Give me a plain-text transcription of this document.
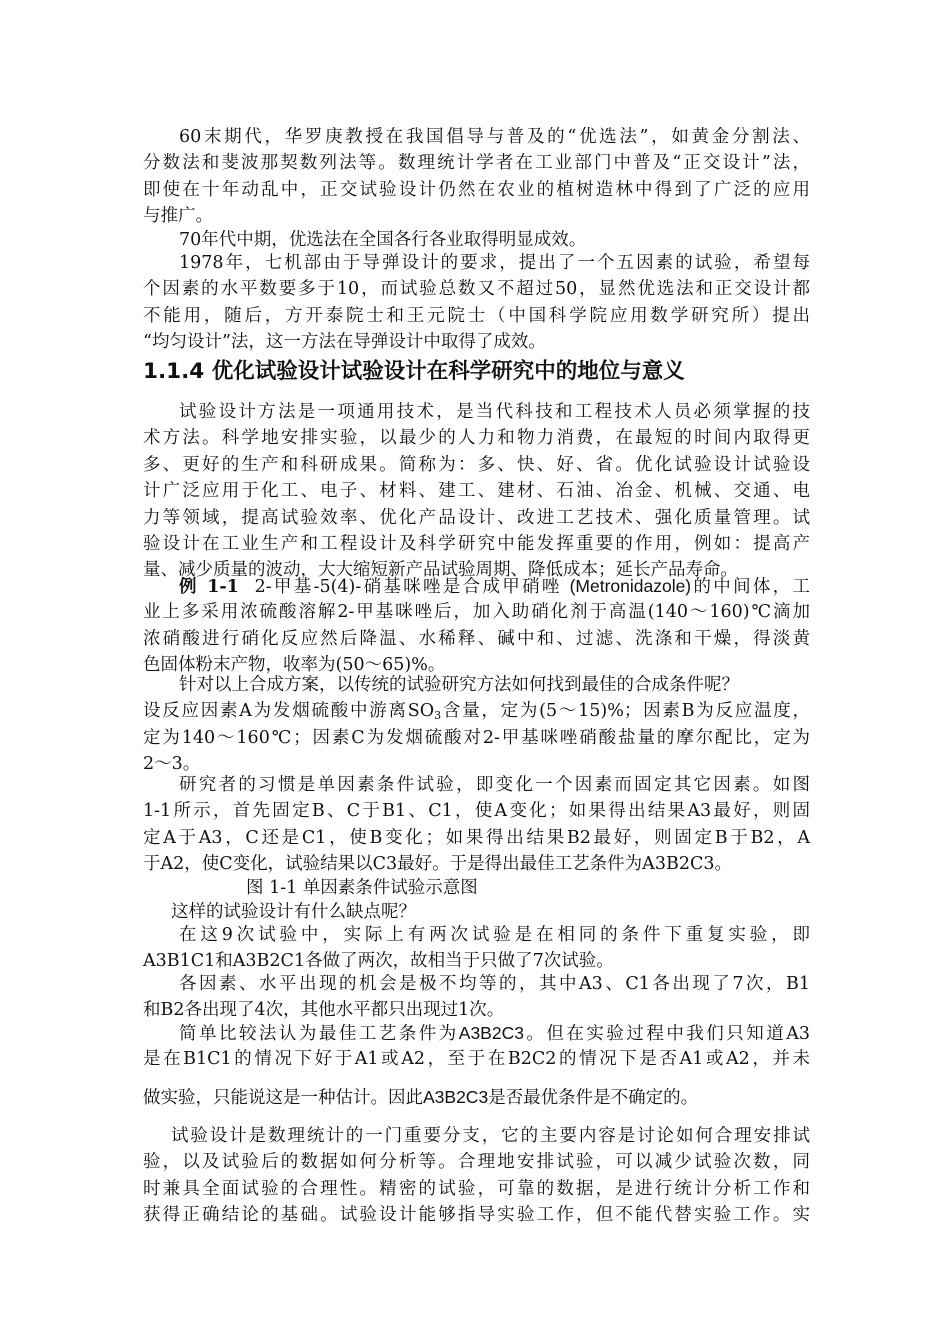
60末期代，华罗庚教授在我国倡导与普及的“优选法”，如黄金分割法、
分数法和斐波那契数列法等。数理统计学者在工业部门中普及“正交设计”法，
即使在十年动乱中，正交试验设计仍然在农业的植树造林中得到了广泛的应用
与推广。
70年代中期，优选法在全国各行各业取得明显成效。
1978年，七机部由于导弹设计的要求，提出了一个五因素的试验，希望每
个因素的水平数要多于10，而试验总数又不超过50，显然优选法和正交设计都
不能用，随后，方开泰院士和王元院士（中国科学院应用数学研究所）提出
“均匀设计”法，这一方法在导弹设计中取得了成效。
1.1.4 优化试验设计试验设计在科学研究中的地位与意义
试验设计方法是一项通用技术，是当代科技和工程技术人员必须掌握的技
术方法。科学地安排实验，以最少的人力和物力消费，在最短的时间内取得更
多、更好的生产和科研成果。简称为：多、快、好、省。优化试验设计试验设
计广泛应用于化工、电子、材料、建工、建材、石油、冶金、机械、交通、电
力等领域，提高试验效率、优化产品设计、改进工艺技术、强化质量管理。试
验设计在工业生产和工程设计及科学研究中能发挥重要的作用，例如：提高产
量、减少质量的波动，大大缩短新产品试验周期、降低成本；延长产品寿命。
例 1-1 2-甲基-5(4)-硝基咪唑是合成甲硝唑 (Metronidazole)的中间体，工
业上多采用浓硫酸溶解2-甲基咪唑后，加入助硝化剂于高温(140～160)℃滴加
浓硝酸进行硝化反应然后降温、水稀释、碱中和、过滤、洗涤和干燥，得淡黄
色固体粉末产物，收率为(50～65)%。
针对以上合成方案，以传统的试验研究方法如何找到最佳的合成条件呢？
设反应因素A为发烟硫酸中游离$SO_3$含量，定为(5～15)%；因素B为反应温度，
定为140～160℃；因素C为发烟硫酸对2-甲基咪唑硝酸盐量的摩尔配比，定为
2～3。
研究者的习惯是单因素条件试验，即变化一个因素而固定其它因素。如图
1-1所示，首先固定B、C于B1、C1，使A变化；如果得出结果A3最好，则固
定A于A3，C还是C1，使B变化；如果得出结果B2最好，则固定B于B2，A
于A2，使C变化，试验结果以C3最好。于是得出最佳工艺条件为A3B2C3。
图 1-1 单因素条件试验示意图
这样的试验设计有什么缺点呢？
在这9次试验中，实际上有两次试验是在相同的条件下重复实验，即
A3B1C1和A3B2C1各做了两次，故相当于只做了7次试验。
各因素、水平出现的机会是极不均等的，其中A3、C1各出现了7次，B1
和B2各出现了4次，其他水平都只出现过1次。
简单比较法认为最佳工艺条件为A3B2C3。但在实验过程中我们只知道A3
是在B1C1的情况下好于A1或A2，至于在B2C2的情况下是否A1或A2，并未
做实验，只能说这是一种估计。因此A3B2C3是否最优条件是不确定的。
试验设计是数理统计的一门重要分支，它的主要内容是讨论如何合理安排试
验，以及试验后的数据如何分析等。合理地安排试验，可以减少试验次数，同
时兼具全面试验的合理性。精密的试验，可靠的数据，是进行统计分析工作和
获得正确结论的基础。试验设计能够指导实验工作，但不能代替实验工作。实
